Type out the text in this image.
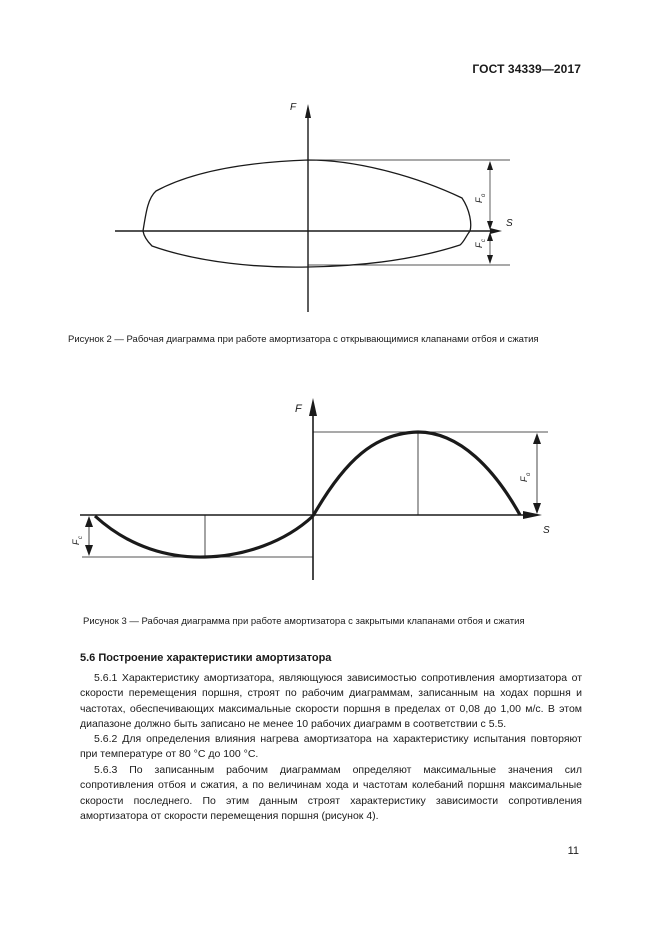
ГОСТ 34339—2017
F
S
F
o
F
c
Рисунок 2 — Рабочая диаграмма при работе амортизатора с открывающимися клапанами отбоя и сжатия
F
S
F
o
F
c
Рисунок 3 — Рабочая диаграмма при работе амортизатора с закрытыми клапанами отбоя и сжатия
5.6 Построение характеристики амортизатора

5.6.1 Характеристику амортизатора, являющуюся зависимостью сопротивления амортизатора от скорости перемещения поршня, строят по рабочим диаграммам, записанным на ходах поршня и частотах, обеспечивающих максимальные скорости поршня в пределах от 0,08 до 1,00 м/с. В этом диапазоне должно быть записано не менее 10 рабочих диаграмм в соответствии с 5.5.

5.6.2 Для определения влияния нагрева амортизатора на характеристику испытания повторяют при температуре от 80 °С до 100 °С.

5.6.3 По записанным рабочим диаграммам определяют максимальные значения сил сопротивления отбоя и сжатия, а по величинам хода и частотам колебаний поршня максимальные скорости последнего. По этим данным строят характеристику зависимости сопротивления амортизатора от скорости перемещения поршня (рисунок 4).

11
